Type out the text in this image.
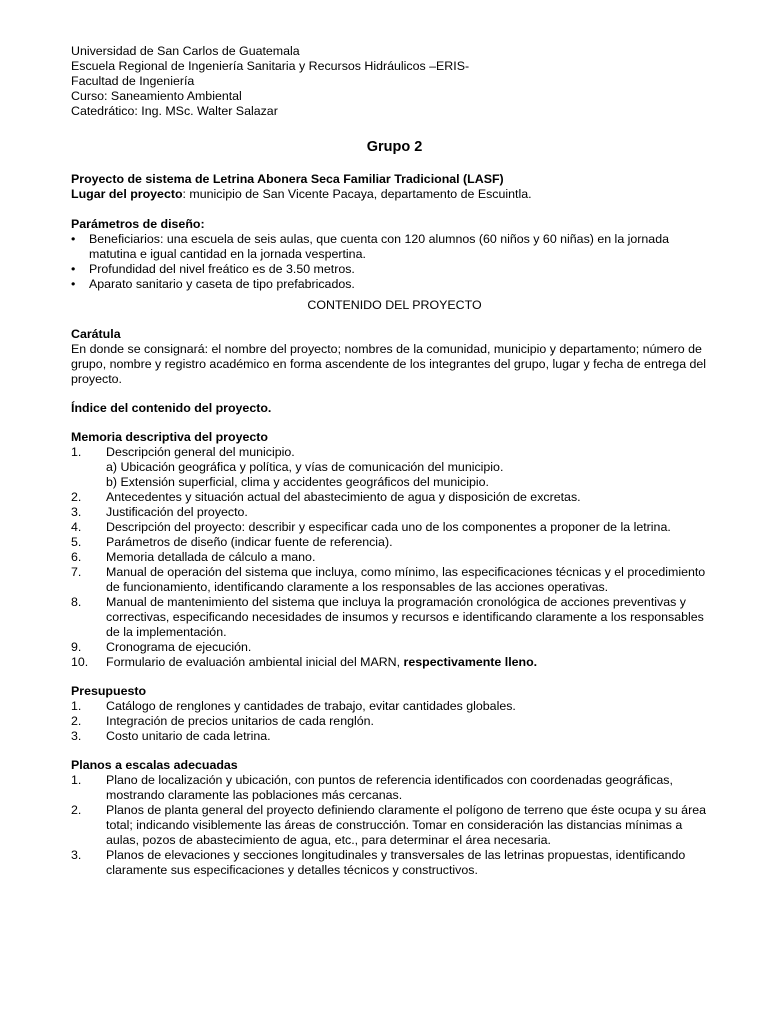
Universidad de San Carlos de Guatemala
Escuela Regional de Ingeniería Sanitaria y Recursos Hidráulicos –ERIS-
Facultad de Ingeniería
Curso: Saneamiento Ambiental
Catedrático: Ing. MSc. Walter Salazar
Grupo 2
Proyecto de sistema de Letrina Abonera Seca Familiar Tradicional (LASF)
Lugar del proyecto: municipio de San Vicente Pacaya, departamento de Escuintla.
Parámetros de diseño:
•	Beneficiarios: una escuela de seis aulas, que cuenta con 120 alumnos (60 niños y 60 niñas) en la jornada matutina e igual cantidad en la jornada vespertina.
•	Profundidad del nivel freático es de 3.50 metros.
•	Aparato sanitario y caseta de tipo prefabricados.
CONTENIDO DEL PROYECTO
Carátula
En donde se consignará: el nombre del proyecto; nombres de la comunidad, municipio y departamento; número de grupo, nombre y registro académico en forma ascendente de los integrantes del grupo, lugar y fecha de entrega del proyecto.
Índice del contenido del proyecto.
Memoria descriptiva del proyecto
1.	Descripción general del municipio.
a) Ubicación geográfica y política, y vías de comunicación del municipio.
b) Extensión superficial, clima y accidentes geográficos del municipio.
2.	Antecedentes y situación actual del abastecimiento de agua y disposición de excretas.
3.	Justificación del proyecto.
4.	Descripción del proyecto: describir y especificar cada uno de los componentes a proponer de la letrina.
5.	Parámetros de diseño (indicar fuente de referencia).
6.	Memoria detallada de cálculo a mano.
7.	Manual de operación del sistema que incluya, como mínimo, las especificaciones técnicas y el procedimiento de funcionamiento, identificando claramente a los responsables de las acciones operativas.
8.	Manual de mantenimiento del sistema que incluya la programación cronológica de acciones preventivas y correctivas, especificando necesidades de insumos y recursos e identificando claramente a los responsables de la implementación.
9.	Cronograma de ejecución.
10.	Formulario de evaluación ambiental inicial del MARN, respectivamente lleno.
Presupuesto
1.	Catálogo de renglones y cantidades de trabajo, evitar cantidades globales.
2.	Integración de precios unitarios de cada renglón.
3.	Costo unitario de cada letrina.
Planos a escalas adecuadas
1.	Plano de localización y ubicación, con puntos de referencia identificados con coordenadas geográficas, mostrando claramente las poblaciones más cercanas.
2.	Planos de planta general del proyecto definiendo claramente el polígono de terreno que éste ocupa y su área total; indicando visiblemente las áreas de construcción. Tomar en consideración las distancias mínimas a aulas, pozos de abastecimiento de agua, etc., para determinar el área necesaria.
3.	Planos de elevaciones y secciones longitudinales y transversales de las letrinas propuestas, identificando claramente sus especificaciones y detalles técnicos y constructivos.
